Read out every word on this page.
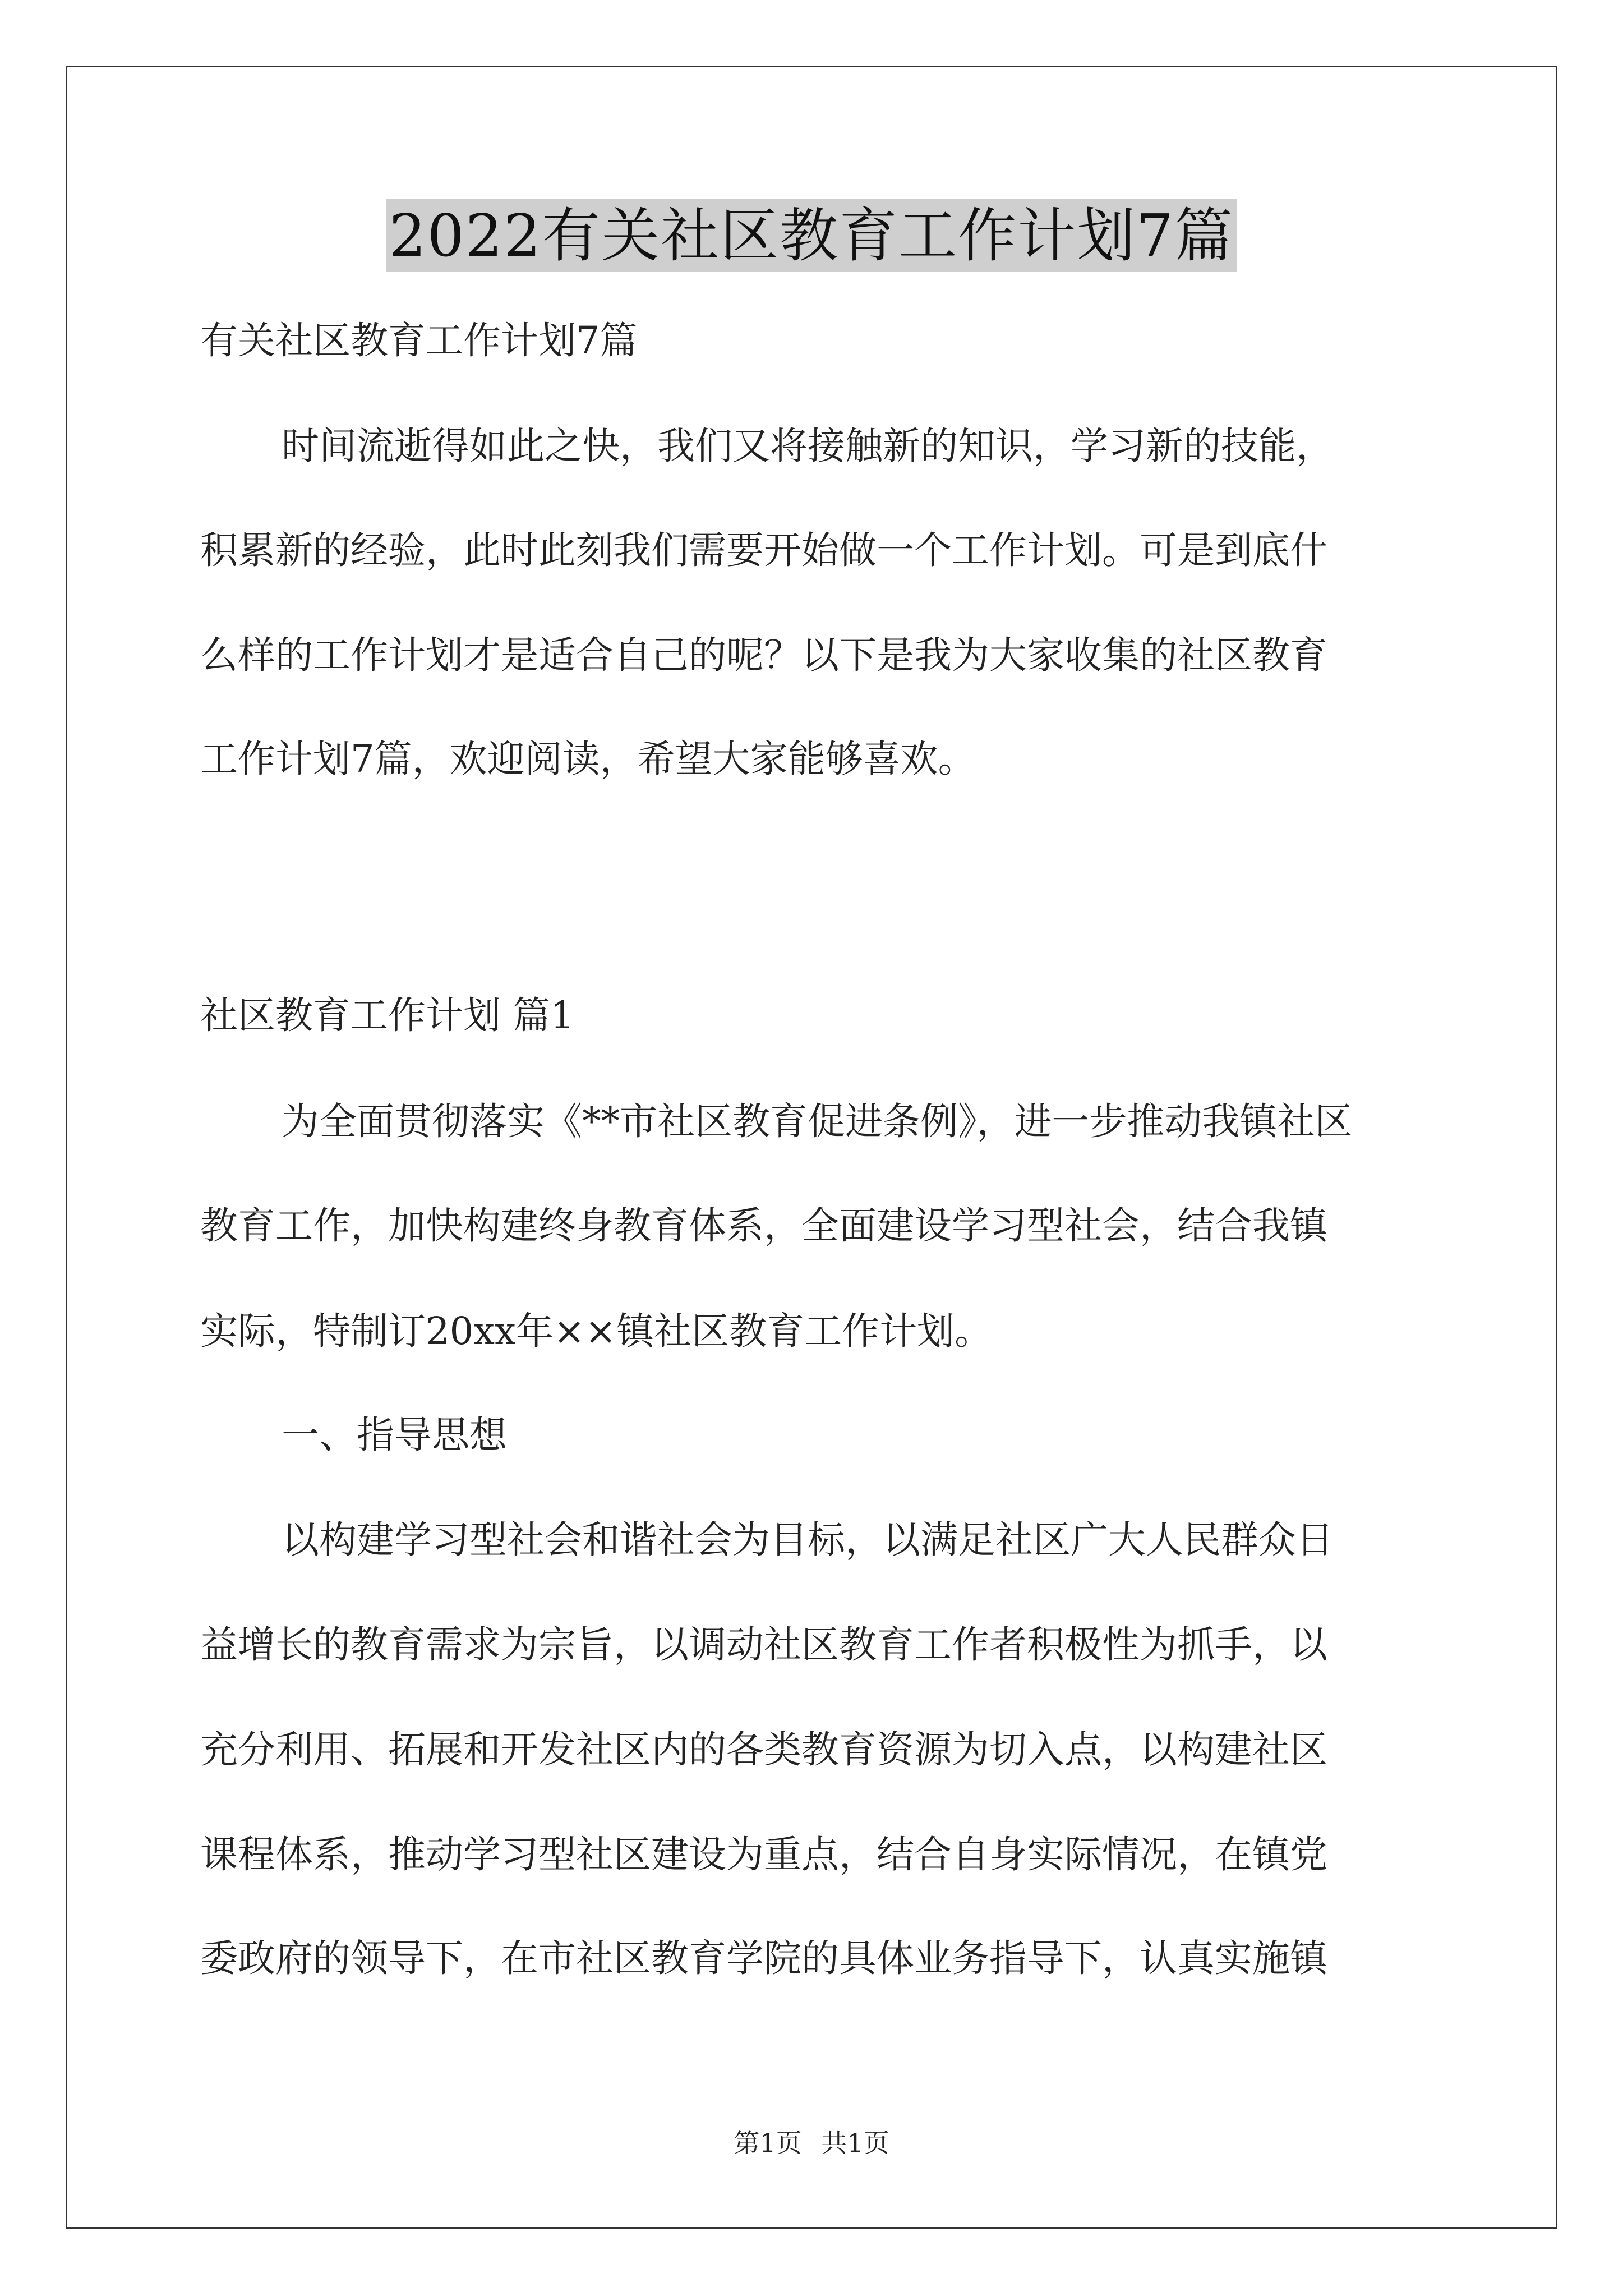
2022有关社区教育工作计划7篇
有关社区教育工作计划7篇
时间流逝得如此之快，我们又将接触新的知识，学习新的技能，
积累新的经验，此时此刻我们需要开始做一个工作计划。可是到底什
么样的工作计划才是适合自己的呢？以下是我为大家收集的社区教育
工作计划7篇，欢迎阅读，希望大家能够喜欢。
社区教育工作计划 篇1
为全面贯彻落实《**市社区教育促进条例》，进一步推动我镇社区
教育工作，加快构建终身教育体系，全面建设学习型社会，结合我镇
实际，特制订20xx年××镇社区教育工作计划。
一、指导思想
以构建学习型社会和谐社会为目标，以满足社区广大人民群众日
益增长的教育需求为宗旨，以调动社区教育工作者积极性为抓手，以
充分利用、拓展和开发社区内的各类教育资源为切入点，以构建社区
课程体系，推动学习型社区建设为重点，结合自身实际情况，在镇党
委政府的领导下，在市社区教育学院的具体业务指导下，认真实施镇
第1页 共1页
